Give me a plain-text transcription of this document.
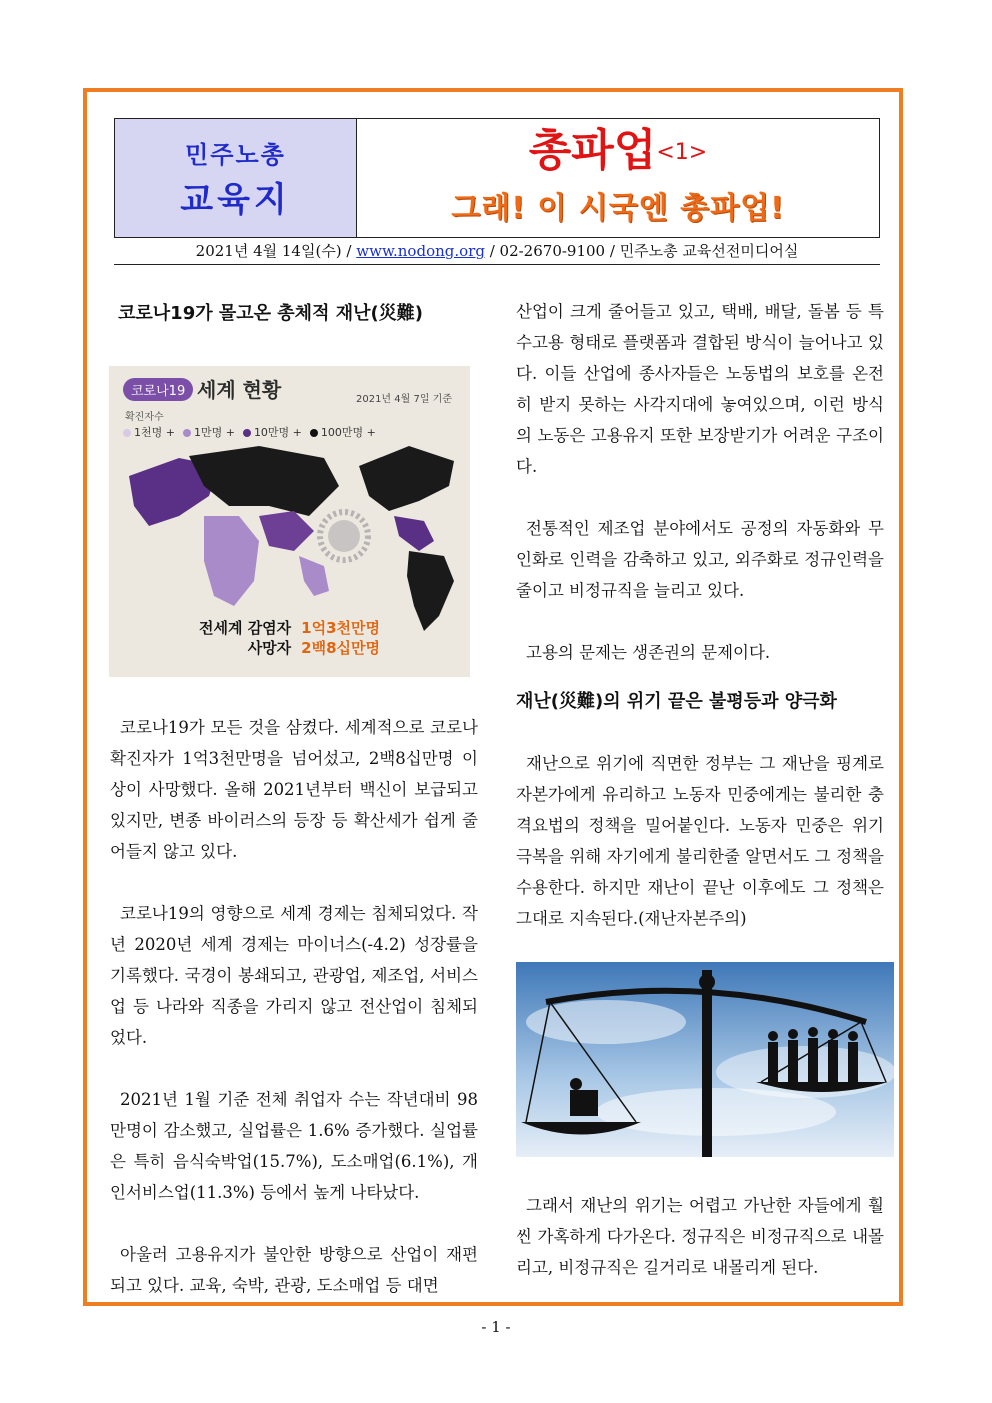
민주노총
교육지
총파업<1>
그래! 이 시국엔 총파업!
2021년 4월 14일(수) / www.nodong.org / 02-2670-9100 / 민주노총 교육선전미디어실
코로나19가 몰고온 총체적 재난(災難)
코로나19 세계 현황	2021년 4월 7일 기준
확진자수
1천명 +	1만명 +	10만명 +	100만명 +
전세계 감염자 1억3천만명
사망자 2백8십만명

코로나19가 모든 것을 삼켰다. 세계적으로 코로나 확진자가 1억3천만명을 넘어섰고, 2백8십만명 이상이 사망했다. 올해 2021년부터 백신이 보급되고 있지만, 변종 바이러스의 등장 등 확산세가 쉽게 줄어들지 않고 있다.

코로나19의 영향으로 세계 경제는 침체되었다. 작년 2020년 세계 경제는 마이너스(-4.2) 성장률을 기록했다. 국경이 봉쇄되고, 관광업, 제조업, 서비스업 등 나라와 직종을 가리지 않고 전산업이 침체되었다.

2021년 1월 기준 전체 취업자 수는 작년대비 98만명이 감소했고, 실업률은 1.6% 증가했다. 실업률은 특히 음식숙박업(15.7%), 도소매업(6.1%), 개인서비스업(11.3%) 등에서 높게 나타났다.

아울러 고용유지가 불안한 방향으로 산업이 재편되고 있다. 교육, 숙박, 관광, 도소매업 등 대면

산업이 크게 줄어들고 있고, 택배, 배달, 돌봄 등 특수고용 형태로 플랫폼과 결합된 방식이 늘어나고 있다. 이들 산업에 종사자들은 노동법의 보호를 온전히 받지 못하는 사각지대에 놓여있으며, 이런 방식의 노동은 고용유지 또한 보장받기가 어려운 구조이다.

전통적인 제조업 분야에서도 공정의 자동화와 무인화로 인력을 감축하고 있고, 외주화로 정규인력을 줄이고 비정규직을 늘리고 있다.

고용의 문제는 생존권의 문제이다.

재난(災難)의 위기 끝은 불평등과 양극화

재난으로 위기에 직면한 정부는 그 재난을 핑계로 자본가에게 유리하고 노동자 민중에게는 불리한 충격요법의 정책을 밀어붙인다. 노동자 민중은 위기 극복을 위해 자기에게 불리한줄 알면서도 그 정책을 수용한다. 하지만 재난이 끝난 이후에도 그 정책은 그대로 지속된다.(재난자본주의)

그래서 재난의 위기는 어렵고 가난한 자들에게 훨씬 가혹하게 다가온다. 정규직은 비정규직으로 내몰리고, 비정규직은 길거리로 내몰리게 된다.

- 1 -
